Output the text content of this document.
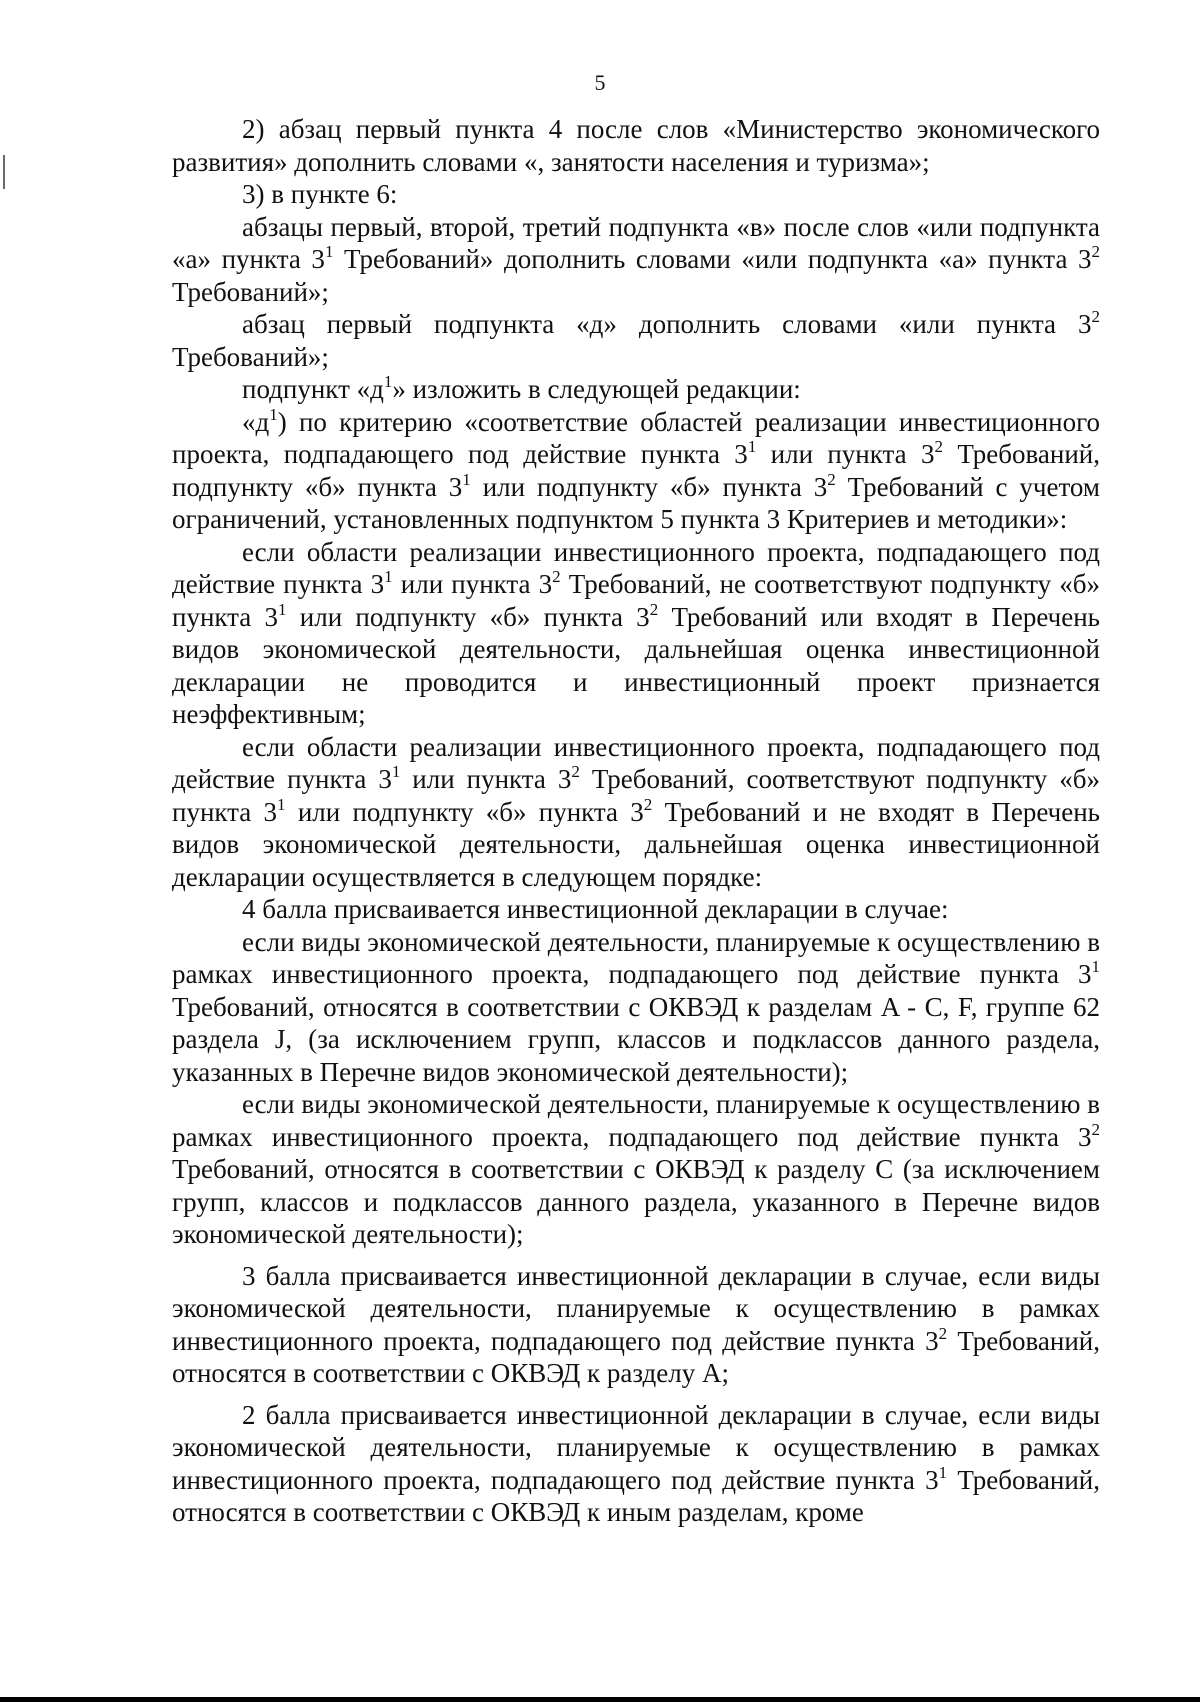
5

2) абзац первый пункта 4 после слов «Министерство экономического развития» дополнить словами «, занятости населения и туризма»;

3) в пункте 6:

абзацы первый, второй, третий подпункта «в» после слов «или подпункта «а» пункта $3^1$ Требований» дополнить словами «или подпункта «а» пункта $3^2$ Требований»;

абзац первый подпункта «д» дополнить словами «или пункта $3^2$ Требований»;

подпункт «$д^1$» изложить в следующей редакции:

«$д^1$) по критерию «соответствие областей реализации инвестиционного проекта, подпадающего под действие пункта $3^1$ или пункта $3^2$ Требований, подпункту «б» пункта $3^1$ или подпункту «б» пункта $3^2$ Требований с учетом ограничений, установленных подпунктом 5 пункта 3 Критериев и методики»:

если области реализации инвестиционного проекта, подпадающего под действие пункта $3^1$ или пункта $3^2$ Требований, не соответствуют подпункту «б» пункта $3^1$ или подпункту «б» пункта $3^2$ Требований или входят в Перечень видов экономической деятельности, дальнейшая оценка инвестиционной декларации не проводится и инвестиционный проект признается неэффективным;

если области реализации инвестиционного проекта, подпадающего под действие пункта $3^1$ или пункта $3^2$ Требований, соответствуют подпункту «б» пункта $3^1$ или подпункту «б» пункта $3^2$ Требований и не входят в Перечень видов экономической деятельности, дальнейшая оценка инвестиционной декларации осуществляется в следующем порядке:

4 балла присваивается инвестиционной декларации в случае:

если виды экономической деятельности, планируемые к осуществлению в рамках инвестиционного проекта, подпадающего под действие пункта $3^1$ Требований, относятся в соответствии с ОКВЭД к разделам A - C, F, группе 62 раздела J, (за исключением групп, классов и подклассов данного раздела, указанных в Перечне видов экономической деятельности);

если виды экономической деятельности, планируемые к осуществлению в рамках инвестиционного проекта, подпадающего под действие пункта $3^2$ Требований, относятся в соответствии с ОКВЭД к разделу С (за исключением групп, классов и подклассов данного раздела, указанного в Перечне видов экономической деятельности);

3 балла присваивается инвестиционной декларации в случае, если виды экономической деятельности, планируемые к осуществлению в рамках инвестиционного проекта, подпадающего под действие пункта $3^2$ Требований, относятся в соответствии с ОКВЭД к разделу A;

2 балла присваивается инвестиционной декларации в случае, если виды экономической деятельности, планируемые к осуществлению в рамках инвестиционного проекта, подпадающего под действие пункта $3^1$ Требований, относятся в соответствии с ОКВЭД к иным разделам, кроме
